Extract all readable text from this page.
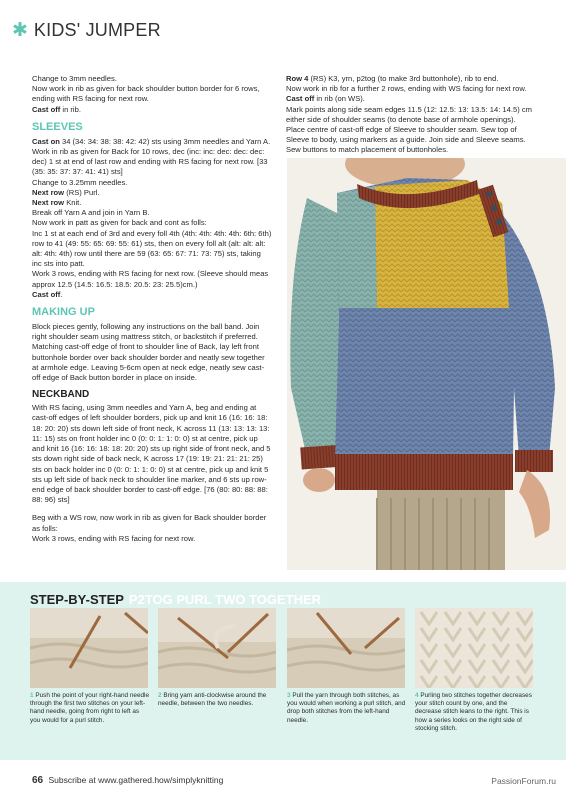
✱ KIDS' JUMPER

Change to 3mm needles.

Now work in rib as given for back shoulder button border for 6 rows, ending with RS facing for next row.

Cast off in rib.

SLEEVES

Cast on 34 (34: 34: 38: 38: 42: 42) sts using 3mm needles and Yarn A.

Work in rib as given for Back for 10 rows, dec (inc: inc: dec: dec: dec: dec) 1 st at end of last row and ending with RS facing for next row. [33 (35: 35: 37: 37: 41: 41) sts]

Change to 3.25mm needles.

Next row (RS) Purl.

Next row Knit.

Break off Yarn A and join in Yarn B.

Now work in patt as given for back and cont as folls:

Inc 1 st at each end of 3rd and every foll 4th (4th: 4th: 4th: 4th: 6th: 6th) row to 41 (49: 55: 65: 69: 55: 61) sts, then on every foll alt (alt: alt: alt: alt: 4th: 4th) row until there are 59 (63: 65: 67: 71: 73: 75) sts, taking inc sts into patt.

Work 3 rows, ending with RS facing for next row. (Sleeve should meas approx 12.5 (14.5: 16.5: 18.5: 20.5: 23: 25.5)cm.)

Cast off.

MAKING UP

Block pieces gently, following any instructions on the ball band. Join right shoulder seam using mattress stitch, or backstitch if preferred. Matching cast-off edge of front to shoulder line of Back, lay left front buttonhole border over back shoulder border and neatly sew together at armhole edge. Leaving 5-6cm open at neck edge, neatly sew cast-off edge of Back button border in place on inside.

NECKBAND

With RS facing, using 3mm needles and Yarn A, beg and ending at cast-off edges of left shoulder borders, pick up and knit 16 (16: 16: 18: 18: 20: 20) sts down left side of front neck, K across 11 (13: 13: 13: 13: 11: 15) sts on front holder inc 0 (0: 0: 1: 1: 0: 0) st at centre, pick up and knit 16 (16: 16: 18: 18: 20: 20) sts up right side of front neck, and 5 sts down right side of back neck, K across 17 (19: 19: 21: 21: 21: 25) sts on back holder inc 0 (0: 0: 1: 1: 0: 0) st at centre, pick up and knit 5 sts up left side of back neck to shoulder line marker, and 6 sts up row-end edge of back shoulder border to cast-off edge. [76 (80: 80: 88: 88: 88: 96) sts]

Beg with a WS row, now work in rib as given for Back shoulder border as folls:

Work 3 rows, ending with RS facing for next row.

Row 4 (RS) K3, yrn, p2tog (to make 3rd buttonhole), rib to end.

Now work in rib for a further 2 rows, ending with WS facing for next row.

Cast off in rib (on WS).

Mark points along side seam edges 11.5 (12: 12.5: 13: 13.5: 14: 14.5) cm either side of shoulder seams (to denote base of armhole openings). Place centre of cast-off edge of Sleeve to shoulder seam. Sew top of Sleeve to body, using markers as a guide. Join side and Sleeve seams. Sew buttons to match placement of buttonholes.

STEP-BY-STEP P2TOG PURL TWO TOGETHER
1 Push the point of your right-hand needle through the first two stitches on your left-hand needle, going from right to left as you would for a purl stitch.
2 Bring yarn anti-clockwise around the needle, between the two needles.
3 Pull the yarn through both stitches, as you would when working a purl stitch, and drop both stitches from the left-hand needle.
4 Purling two stitches together decreases your stitch count by one, and the decrease stitch leans to the right. This is how a series looks on the right side of stocking stitch.
66 Subscribe at www.gathered.how/simplyknitting	PassionForum.ru
